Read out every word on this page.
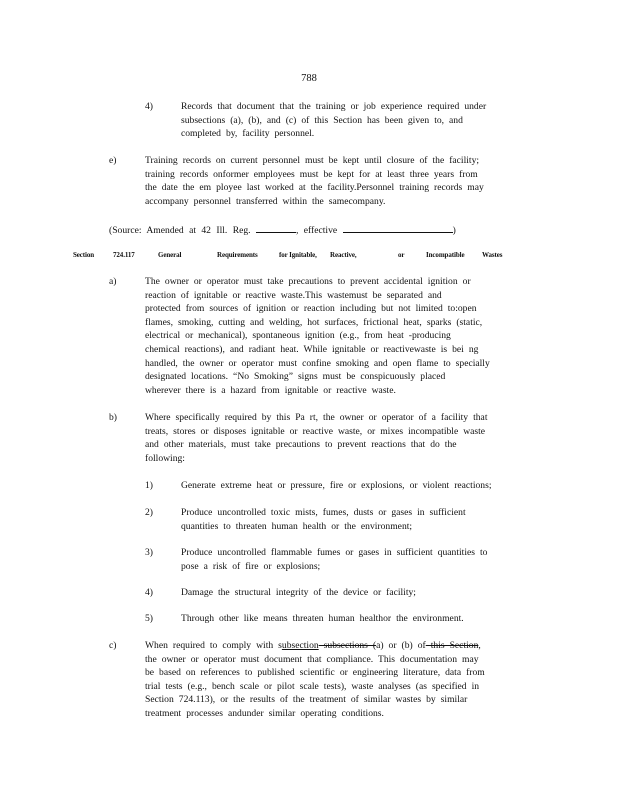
788
4)	Records that document that the training or job experience required under
subsections (a), (b), and (c) of this Section has been given to, and
completed by, facility personnel.
e)	Training records on current personnel must be kept until closure of the facility;
training records onformer employees must be kept for at least three years from
the date the em ployee last worked at the facility.Personnel training records may
accompany personnel transferred within the samecompany.
(Source: Amended at 42 Ill. Reg.	, effective	)
Section	724.117	General	Requirements	for Ignitable, Reactive,	or	Incompatible	Wastes
a)	The owner or operator must take precautions to prevent accidental ignition or
reaction of ignitable or reactive waste.This wastemust be separated and
protected from sources of ignition or reaction including but not limited to:open
flames, smoking, cutting and welding, hot surfaces, frictional heat, sparks (static,
electrical or mechanical), spontaneous ignition (e.g., from heat -producing
chemical reactions), and radiant heat. While ignitable or reactivewaste is bei ng
handled, the owner or operator must confine smoking and open flame to specially
designated locations. “No Smoking” signs must be conspicuously placed
wherever there is a hazard from ignitable or reactive waste.
b)	Where specifically required by this Pa rt, the owner or operator of a facility that
treats, stores or disposes ignitable or reactive waste, or mixes incompatible waste
and other materials, must take precautions to prevent reactions that do the
following:
1)	Generate extreme heat or pressure, fire or explosions, or violent reactions;
2)	Produce uncontrolled toxic mists, fumes, dusts or gases in sufficient
quantities to threaten human health or the environment;
3)	Produce uncontrolled flammable fumes or gases in sufficient quantities to
pose a risk of fire or explosions;
4)	Damage the structural integrity of the device or facility;
5)	Through other like means threaten human healthor the environment.
c)	When required to comply with subsection subsections (a) or (b) of this Section,
the owner or operator must document that compliance. This documentation may
be based on references to published scientific or engineering literature, data from
trial tests (e.g., bench scale or pilot scale tests), waste analyses (as specified in
Section 724.113), or the results of the treatment of similar wastes by similar
treatment processes andunder similar operating conditions.
